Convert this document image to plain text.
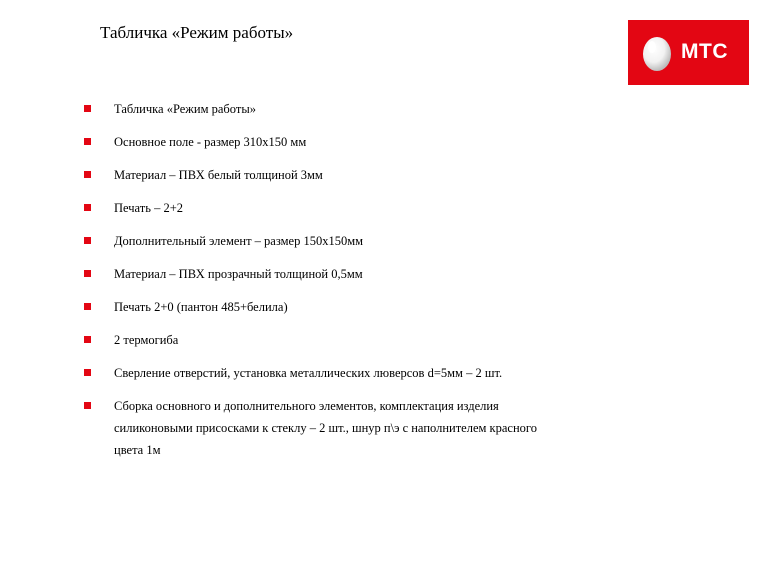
Табличка «Режим работы»
МТС
Табличка «Режим работы»
Основное поле - размер 310х150 мм
Материал – ПВХ белый толщиной 3мм
Печать – 2+2
Дополнительный элемент – размер 150х150мм
Материал – ПВХ прозрачный толщиной 0,5мм
Печать 2+0 (пантон 485+белила)
2 термогиба
Сверление отверстий, установка металлических люверсов d=5мм – 2 шт.
Сборка основного и дополнительного элементов, комплектация изделия силиконовыми присосками к стеклу – 2 шт., шнур п\э с наполнителем красного цвета 1м
